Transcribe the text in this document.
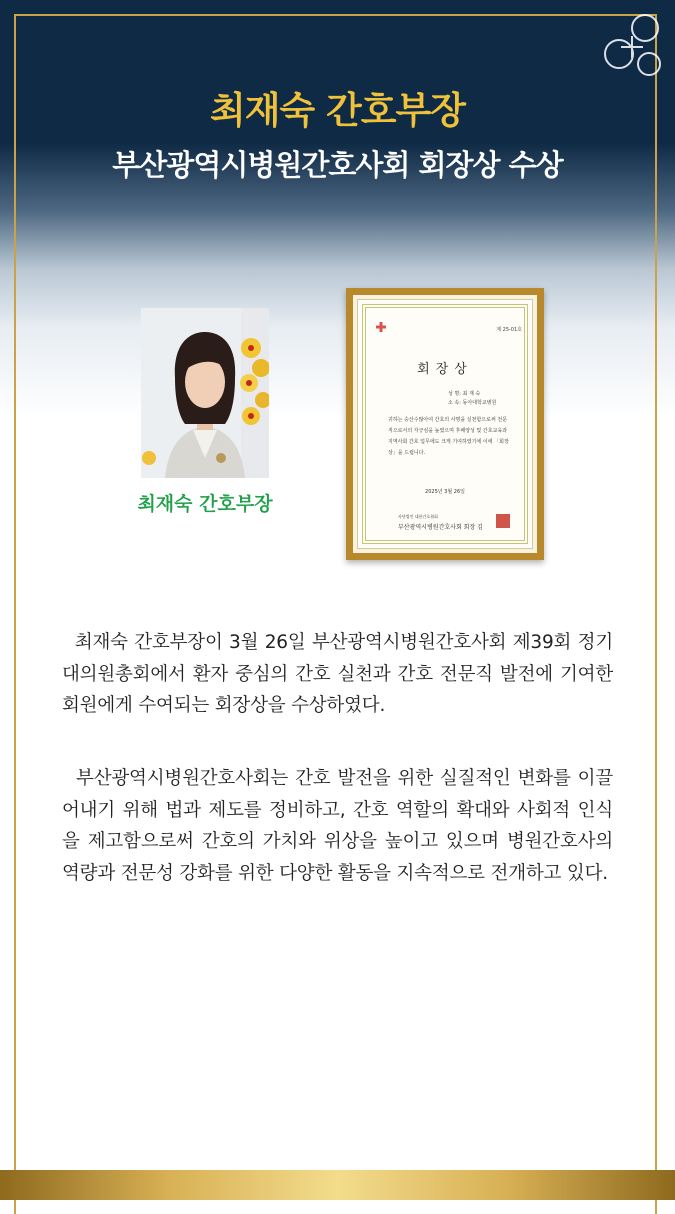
최재숙 간호부장
부산광역시병원간호사회 회장상 수상
최재숙 간호부장
제 25-01호
회장상
성 명: 최 재 숙
소 속: 동아대학교병원
귀하는 숭산수많아여 간호의 사명을 실천함으로써 전문직으로서의 자긍심을 높였으며 후배양성 및 간호교육과 지역사회 간호 업무에도 크게 기여하였기에 이에 「회장상」을 드립니다.
2025년 3월 26일
사단법인 대한간호협회
부산광역시병원간호사회 회장 김
최재숙 간호부장이 3월 26일 부산광역시병원간호사회 제39회 정기 대의원총회에서 환자 중심의 간호 실천과 간호 전문직 발전에 기여한 회원에게 수여되는 회장상을 수상하였다.
부산광역시병원간호사회는 간호 발전을 위한 실질적인 변화를 이끌어내기 위해 법과 제도를 정비하고, 간호 역할의 확대와 사회적 인식을 제고함으로써 간호의 가치와 위상을 높이고 있으며 병원간호사의 역량과 전문성 강화를 위한 다양한 활동을 지속적으로 전개하고 있다.
